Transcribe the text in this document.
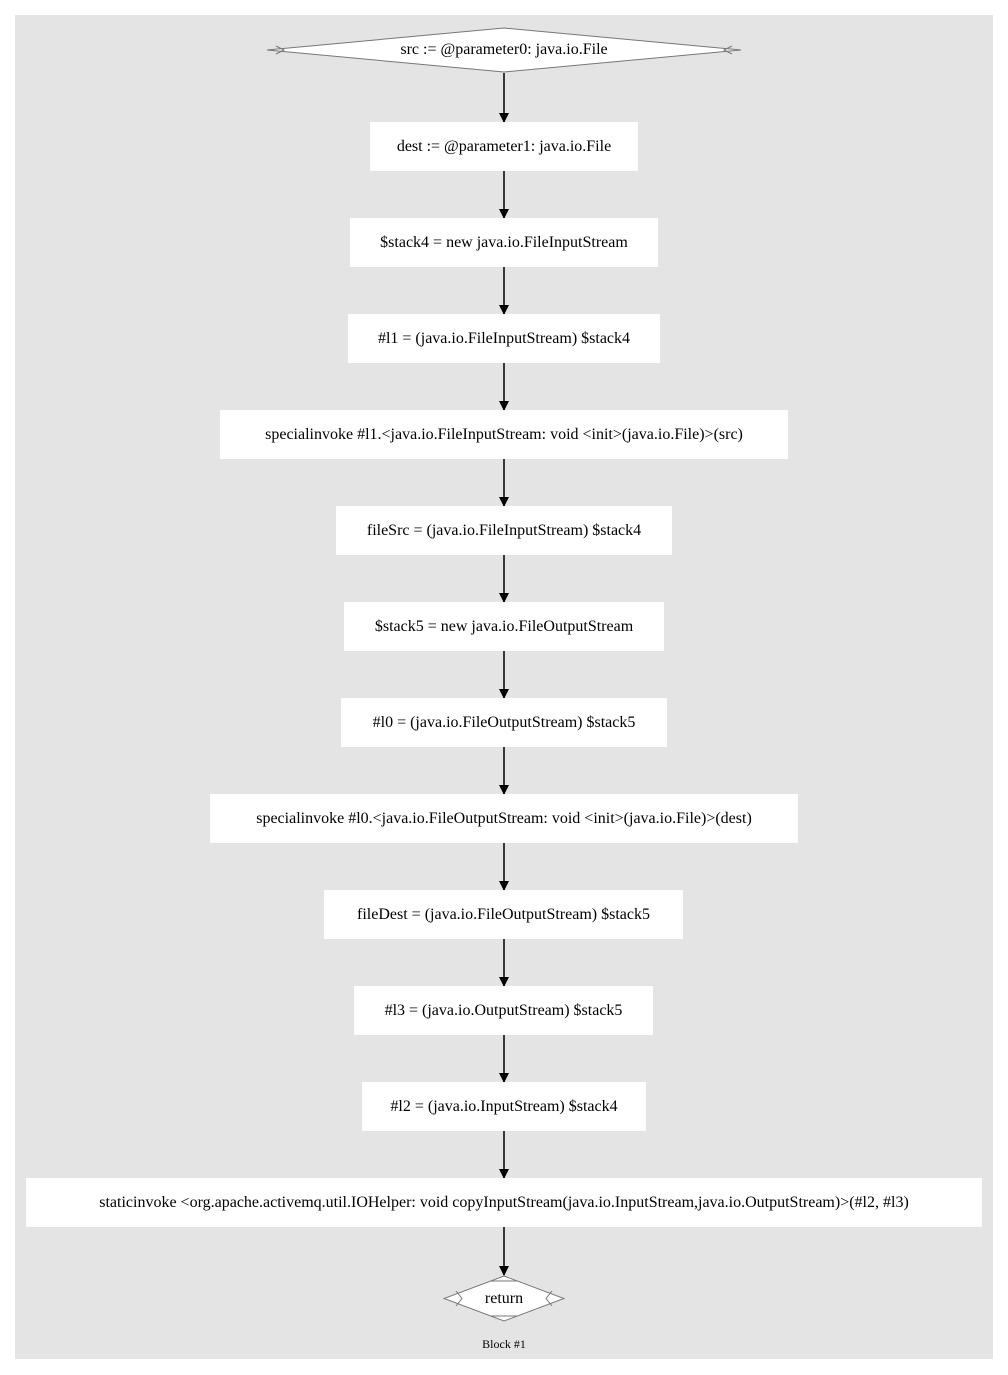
src := @parameter0: java.io.File
dest := @parameter1: java.io.File
$stack4 = new java.io.FileInputStream
#l1 = (java.io.FileInputStream) $stack4
specialinvoke #l1.<java.io.FileInputStream: void <init>(java.io.File)>(src)
fileSrc = (java.io.FileInputStream) $stack4
$stack5 = new java.io.FileOutputStream
#l0 = (java.io.FileOutputStream) $stack5
specialinvoke #l0.<java.io.FileOutputStream: void <init>(java.io.File)>(dest)
fileDest = (java.io.FileOutputStream) $stack5
#l3 = (java.io.OutputStream) $stack5
#l2 = (java.io.InputStream) $stack4
staticinvoke <org.apache.activemq.util.IOHelper: void copyInputStream(java.io.InputStream,java.io.OutputStream)>(#l2, #l3)
return
Block #1
